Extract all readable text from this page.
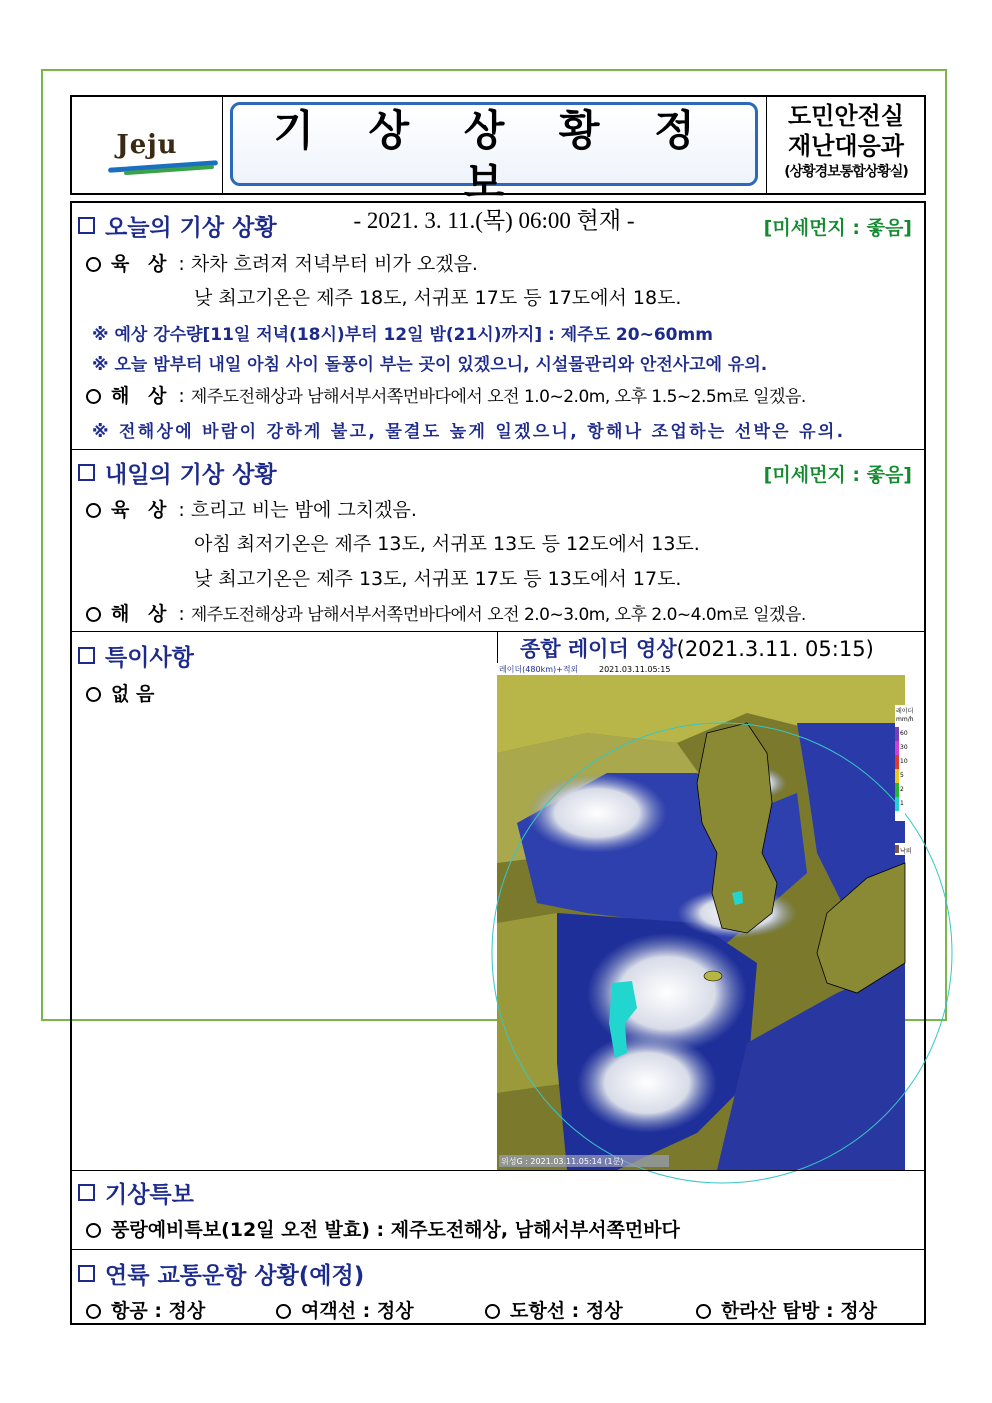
Jeju	기 상 상 황 정 보
- 2021. 3. 11.(목) 06:00 현재 -
도민안전실
재난대응과
(상황경보통합상황실)
오늘의 기상 상황	[미세먼지 : 좋음]
육 상 : 차차 흐려져 저녁부터 비가 오겠음.
낮 최고기온은 제주 18도, 서귀포 17도 등 17도에서 18도.
※ 예상 강수량[11일 저녁(18시)부터 12일 밤(21시)까지] : 제주도 20~60mm
※ 오늘 밤부터 내일 아침 사이 돌풍이 부는 곳이 있겠으니, 시설물관리와 안전사고에 유의.
해 상 : 제주도전해상과 남해서부서쪽먼바다에서 오전 1.0~2.0m, 오후 1.5~2.5m로 일겠음.
※ 전해상에 바람이 강하게 불고, 물결도 높게 일겠으니, 항해나 조업하는 선박은 유의.
내일의 기상 상황	[미세먼지 : 좋음]
육 상 : 흐리고 비는 밤에 그치겠음.
아침 최저기온은 제주 13도, 서귀포 13도 등 12도에서 13도.
낮 최고기온은 제주 13도, 서귀포 17도 등 13도에서 17도.
해 상 : 제주도전해상과 남해서부서쪽먼바다에서 오전 2.0~3.0m, 오후 2.0~4.0m로 일겠음.
특이사항
없 음
종합 레이더 영상(2021.3.11. 05:15)
레이더(480km)+적외	2021.03.11.05:15
레이더
mm/h
60
30
10
5
2
1
낙뢰
위성G : 2021.03.11.05:14 (1분)
기상특보
풍랑예비특보(12일 오전 발효) : 제주도전해상, 남해서부서쪽먼바다
연륙 교통운항 상황(예정)
항공 : 정상	여객선 : 정상	도항선 : 정상	한라산 탐방 : 정상
